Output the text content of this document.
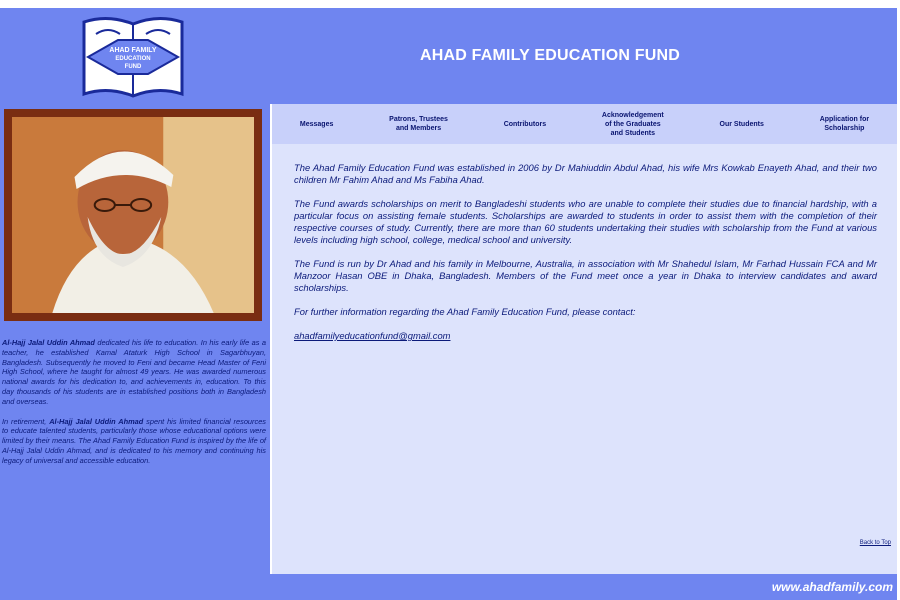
AHAD FAMILY
EDUCATION
FUND
AHAD FAMILY EDUCATION FUND

Al-Hajj Jalal Uddin Ahmad dedicated his life to education. In his early life as a teacher, he established Kamal Ataturk High School in Sagarbhuyan, Bangladesh. Subsequently he moved to Feni and became Head Master of Feni High School, where he taught for almost 49 years. He was awarded numerous national awards for his dedication to, and achievements in, education. To this day thousands of his students are in established positions both in Bangladesh and overseas.

In retirement, Al-Hajj Jalal Uddin Ahmad spent his limited financial resources to educate talented students, particularly those whose educational options were limited by their means. The Ahad Family Education Fund is inspired by the life of Al-Hajj Jalal Uddin Ahmad, and is dedicated to his memory and continuing his legacy of universal and accessible education.

Messages
Patrons, Trustees
and Members
Contributors
Acknowledgement
of the Graduates
and Students
Our Students
Application for
Scholarship

The Ahad Family Education Fund was established in 2006 by Dr Mahiuddin Abdul Ahad, his wife Mrs Kowkab Enayeth Ahad, and their two children Mr Fahim Ahad and Ms Fabiha Ahad.

The Fund awards scholarships on merit to Bangladeshi students who are unable to complete their studies due to financial hardship, with a particular focus on assisting female students. Scholarships are awarded to students in order to assist them with the completion of their respective courses of study. Currently, there are more than 60 students undertaking their studies with scholarship from the Fund at various levels including high school, college, medical school and university.

The Fund is run by Dr Ahad and his family in Melbourne, Australia, in association with Mr Shahedul Islam, Mr Farhad Hussain FCA and Mr Manzoor Hasan OBE in Dhaka, Bangladesh. Members of the Fund meet once a year in Dhaka to interview candidates and award scholarships.

For further information regarding the Ahad Family Education Fund, please contact:

ahadfamilyeducationfund@gmail.com

Back to Top
www.ahadfamily.com
